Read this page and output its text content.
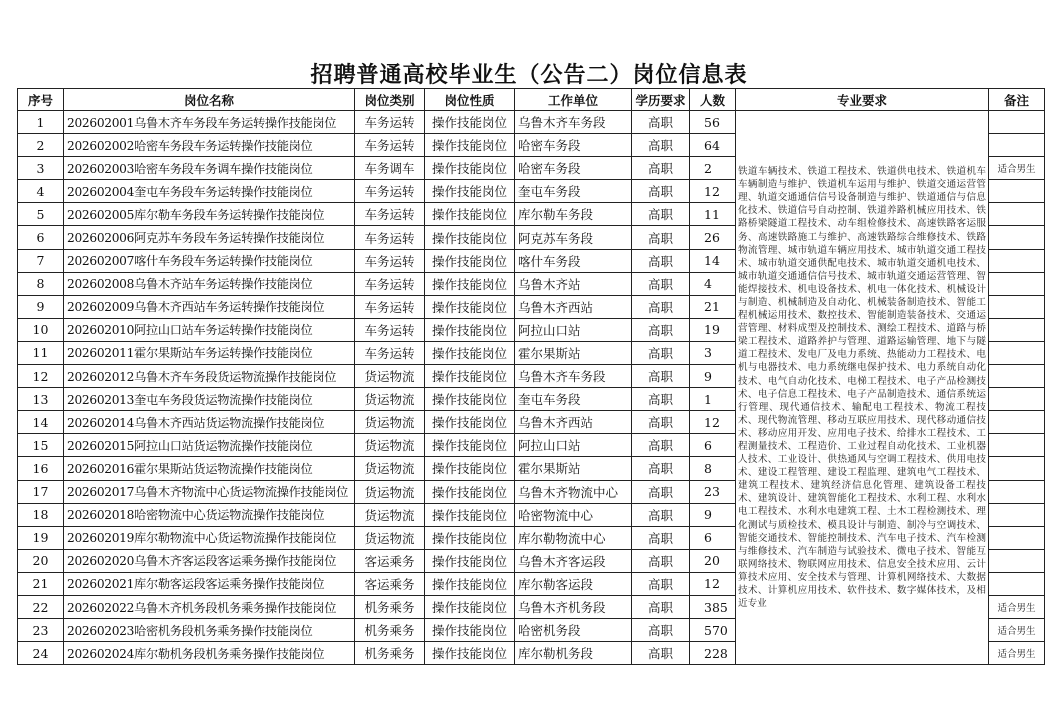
招聘普通高校毕业生（公告二）岗位信息表
序号	岗位名称	岗位类别	岗位性质	工作单位	学历要求	人数	专业要求	备注
1	202602001乌鲁木齐车务段车务运转操作技能岗位	车务运转	操作技能岗位	乌鲁木齐车务段	高职	56	铁道车辆技术、铁道工程技术、铁道供电技术、铁道机车车辆制造与维护、铁道机车运用与维护、铁道交通运营管理、轨道交通通信信号设备制造与维护、铁道通信与信息化技术、铁道信号自动控制、铁道养路机械应用技术、铁路桥梁隧道工程技术、动车组检修技术、高速铁路客运服务、高速铁路施工与维护、高速铁路综合维修技术、铁路物流管理、城市轨道车辆应用技术、城市轨道交通工程技术、城市轨道交通供配电技术、城市轨道交通机电技术、城市轨道交通通信信号技术、城市轨道交通运营管理、智能焊接技术、机电设备技术、机电一体化技术、机械设计与制造、机械制造及自动化、机械装备制造技术、智能工程机械运用技术、数控技术、智能制造装备技术、交通运营管理、材料成型及控制技术、测绘工程技术、道路与桥梁工程技术、道路养护与管理、道路运输管理、地下与隧道工程技术、发电厂及电力系统、热能动力工程技术、电机与电器技术、电力系统继电保护技术、电力系统自动化技术、电气自动化技术、电梯工程技术、电子产品检测技术、电子信息工程技术、电子产品制造技术、通信系统运行管理、现代通信技术、输配电工程技术、物流工程技术、现代物流管理、移动互联应用技术、现代移动通信技术、移动应用开发、应用电子技术、给排水工程技术、工程测量技术、工程造价、工业过程自动化技术、工业机器人技术、工业设计、供热通风与空调工程技术、供用电技术、建设工程管理、建设工程监理、建筑电气工程技术、建筑工程技术、建筑经济信息化管理、建筑设备工程技术、建筑设计、建筑智能化工程技术、水利工程、水利水电工程技术、水利水电建筑工程、土木工程检测技术、理化测试与质检技术、模具设计与制造、制冷与空调技术、智能交通技术、智能控制技术、汽车电子技术、汽车检测与维修技术、汽车制造与试验技术、微电子技术、智能互联网络技术、物联网应用技术、信息安全技术应用、云计算技术应用、安全技术与管理、计算机网络技术、大数据技术、计算机应用技术、软件技术、数字媒体技术，及相近专业	
2	202602002哈密车务段车务运转操作技能岗位	车务运转	操作技能岗位	哈密车务段	高职	64		
3	202602003哈密车务段车务调车操作技能岗位	车务调车	操作技能岗位	哈密车务段	高职	2		适合男生
4	202602004奎屯车务段车务运转操作技能岗位	车务运转	操作技能岗位	奎屯车务段	高职	12		
5	202602005库尔勒车务段车务运转操作技能岗位	车务运转	操作技能岗位	库尔勒车务段	高职	11		
6	202602006阿克苏车务段车务运转操作技能岗位	车务运转	操作技能岗位	阿克苏车务段	高职	26		
7	202602007喀什车务段车务运转操作技能岗位	车务运转	操作技能岗位	喀什车务段	高职	14		
8	202602008乌鲁木齐站车务运转操作技能岗位	车务运转	操作技能岗位	乌鲁木齐站	高职	4		
9	202602009乌鲁木齐西站车务运转操作技能岗位	车务运转	操作技能岗位	乌鲁木齐西站	高职	21		
10	202602010阿拉山口站车务运转操作技能岗位	车务运转	操作技能岗位	阿拉山口站	高职	19		
11	202602011霍尔果斯站车务运转操作技能岗位	车务运转	操作技能岗位	霍尔果斯站	高职	3		
12	202602012乌鲁木齐车务段货运物流操作技能岗位	货运物流	操作技能岗位	乌鲁木齐车务段	高职	9		
13	202602013奎屯车务段货运物流操作技能岗位	货运物流	操作技能岗位	奎屯车务段	高职	1		
14	202602014乌鲁木齐西站货运物流操作技能岗位	货运物流	操作技能岗位	乌鲁木齐西站	高职	12		
15	202602015阿拉山口站货运物流操作技能岗位	货运物流	操作技能岗位	阿拉山口站	高职	6		
16	202602016霍尔果斯站货运物流操作技能岗位	货运物流	操作技能岗位	霍尔果斯站	高职	8		
17	202602017乌鲁木齐物流中心货运物流操作技能岗位	货运物流	操作技能岗位	乌鲁木齐物流中心	高职	23		
18	202602018哈密物流中心货运物流操作技能岗位	货运物流	操作技能岗位	哈密物流中心	高职	9		
19	202602019库尔勒物流中心货运物流操作技能岗位	货运物流	操作技能岗位	库尔勒物流中心	高职	6		
20	202602020乌鲁木齐客运段客运乘务操作技能岗位	客运乘务	操作技能岗位	乌鲁木齐客运段	高职	20		
21	202602021库尔勒客运段客运乘务操作技能岗位	客运乘务	操作技能岗位	库尔勒客运段	高职	12		
22	202602022乌鲁木齐机务段机务乘务操作技能岗位	机务乘务	操作技能岗位	乌鲁木齐机务段	高职	385		适合男生
23	202602023哈密机务段机务乘务操作技能岗位	机务乘务	操作技能岗位	哈密机务段	高职	570		适合男生
24	202602024库尔勒机务段机务乘务操作技能岗位	机务乘务	操作技能岗位	库尔勒机务段	高职	228		适合男生
